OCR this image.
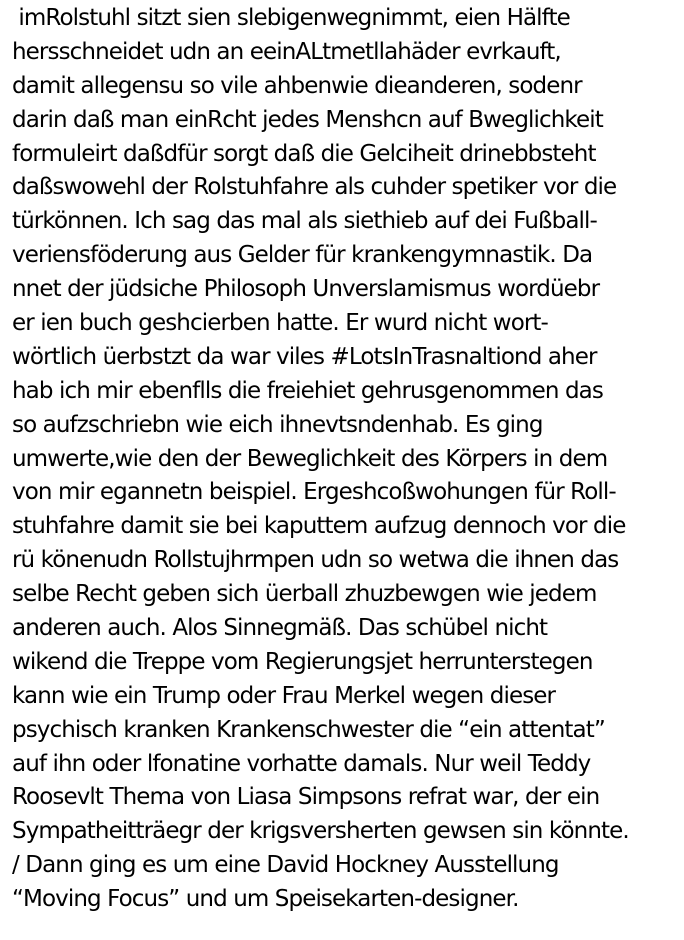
imRolstuhl sitzt sien slebigenwegnimmt, eien Hälfte
hersschneidet udn an eeinALtmetllahäder evrkauft,
damit allegensu so vile ahbenwie dieanderen, sodenr
darin daß man einRcht jedes Menshcn auf Bweglichkeit
formuleirt daßdfür sorgt daß die Gelciheit drinebbsteht
daßswowehl der Rolstuhfahre als cuhder spetiker vor die
türkönnen. Ich sag das mal als siethieb auf dei Fußball-
veriensföderung aus Gelder für krankengymnastik. Da
nnet der jüdsiche Philosoph Unverslamismus wordüebr
er ien buch geshcierben hatte. Er wurd nicht wort-
wörtlich üerbstzt da war viles #LotsInTrasnaltiond aher
hab ich mir ebenflls die freiehiet gehrusgenommen das
so aufzschriebn wie eich ihnevtsndenhab. Es ging
umwerte,wie den der Beweglichkeit des Körpers in dem
von mir egannetn beispiel. Ergeshcoßwohungen für Roll-
stuhfahre damit sie bei kaputtem aufzug dennoch vor die
rü könenudn Rollstujhrmpen udn so wetwa die ihnen das
selbe Recht geben sich üerball zhuzbewgen wie jedem
anderen auch. Alos Sinnegmäß. Das schübel nicht
wikend die Treppe vom Regierungsjet herrunterstegen
kann wie ein Trump oder Frau Merkel wegen dieser
psychisch kranken Krankenschwester die “ein attentat”
auf ihn oder lfonatine vorhatte damals. Nur weil Teddy
Roosevlt Thema von Liasa Simpsons refrat war, der ein
Sympatheitträegr der krigsversherten gewsen sin könnte.
/ Dann ging es um eine David Hockney Ausstellung
“Moving Focus” und um Speisekarten-designer.
